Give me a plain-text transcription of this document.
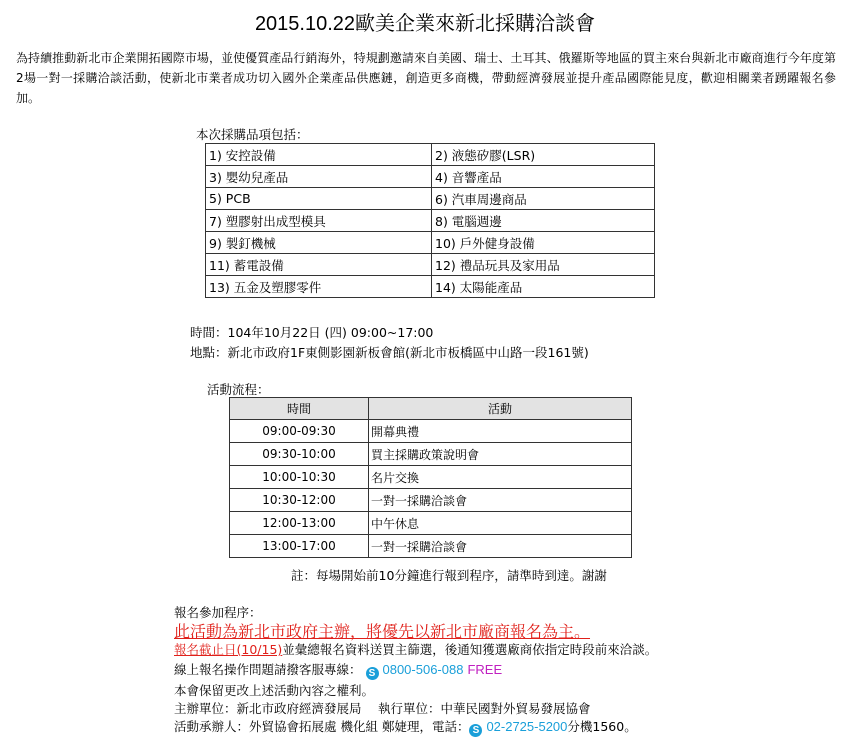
2015.10.22歐美企業來新北採購洽談會
為持續推動新北市企業開拓國際市場，並使優質產品行銷海外，特規劃邀請來自美國、瑞士、土耳其、俄羅斯等地區的買主來台與新北市廠商進行今年度第2場一對一採購洽談活動，使新北市業者成功切入國外企業產品供應鏈，創造更多商機，帶動經濟發展並提升產品國際能見度，歡迎相關業者踴躍報名參加。
本次採購品項包括：
1) 安控設備	2) 液態矽膠(LSR)
3) 嬰幼兒產品	4) 音響產品
5) PCB	6) 汽車周邊商品
7) 塑膠射出成型模具	8) 電腦週邊
9) 製釘機械	10) 戶外健身設備
11) 蓄電設備	12) 禮品玩具及家用品
13) 五金及塑膠零件	14) 太陽能產品
時間：104年10月22日 (四) 09:00~17:00
地點：新北市政府1F東側影園新板會館(新北市板橋區中山路一段161號)
活動流程：
時間	活動
09:00-09:30	開幕典禮
09:30-10:00	買主採購政策說明會
10:00-10:30	名片交換
10:30-12:00	一對一採購洽談會
12:00-13:00	中午休息
13:00-17:00	一對一採購洽談會
註：每場開始前10分鐘進行報到程序，請準時到達。謝謝
報名參加程序：
此活動為新北市政府主辦，將優先以新北市廠商報名為主。
報名截止日(10/15)並彙總報名資料送買主篩選，後通知獲選廠商依指定時段前來洽談。
線上報名操作問題請撥客服專線： S 0800-506-088 FREE
本會保留更改上述活動內容之權利。
主辦單位：新北市政府經濟發展局　 執行單位：中華民國對外貿易發展協會
活動承辦人：外貿協會拓展處 機化組 鄭婕理，電話： S 02-2725-5200分機1560。
